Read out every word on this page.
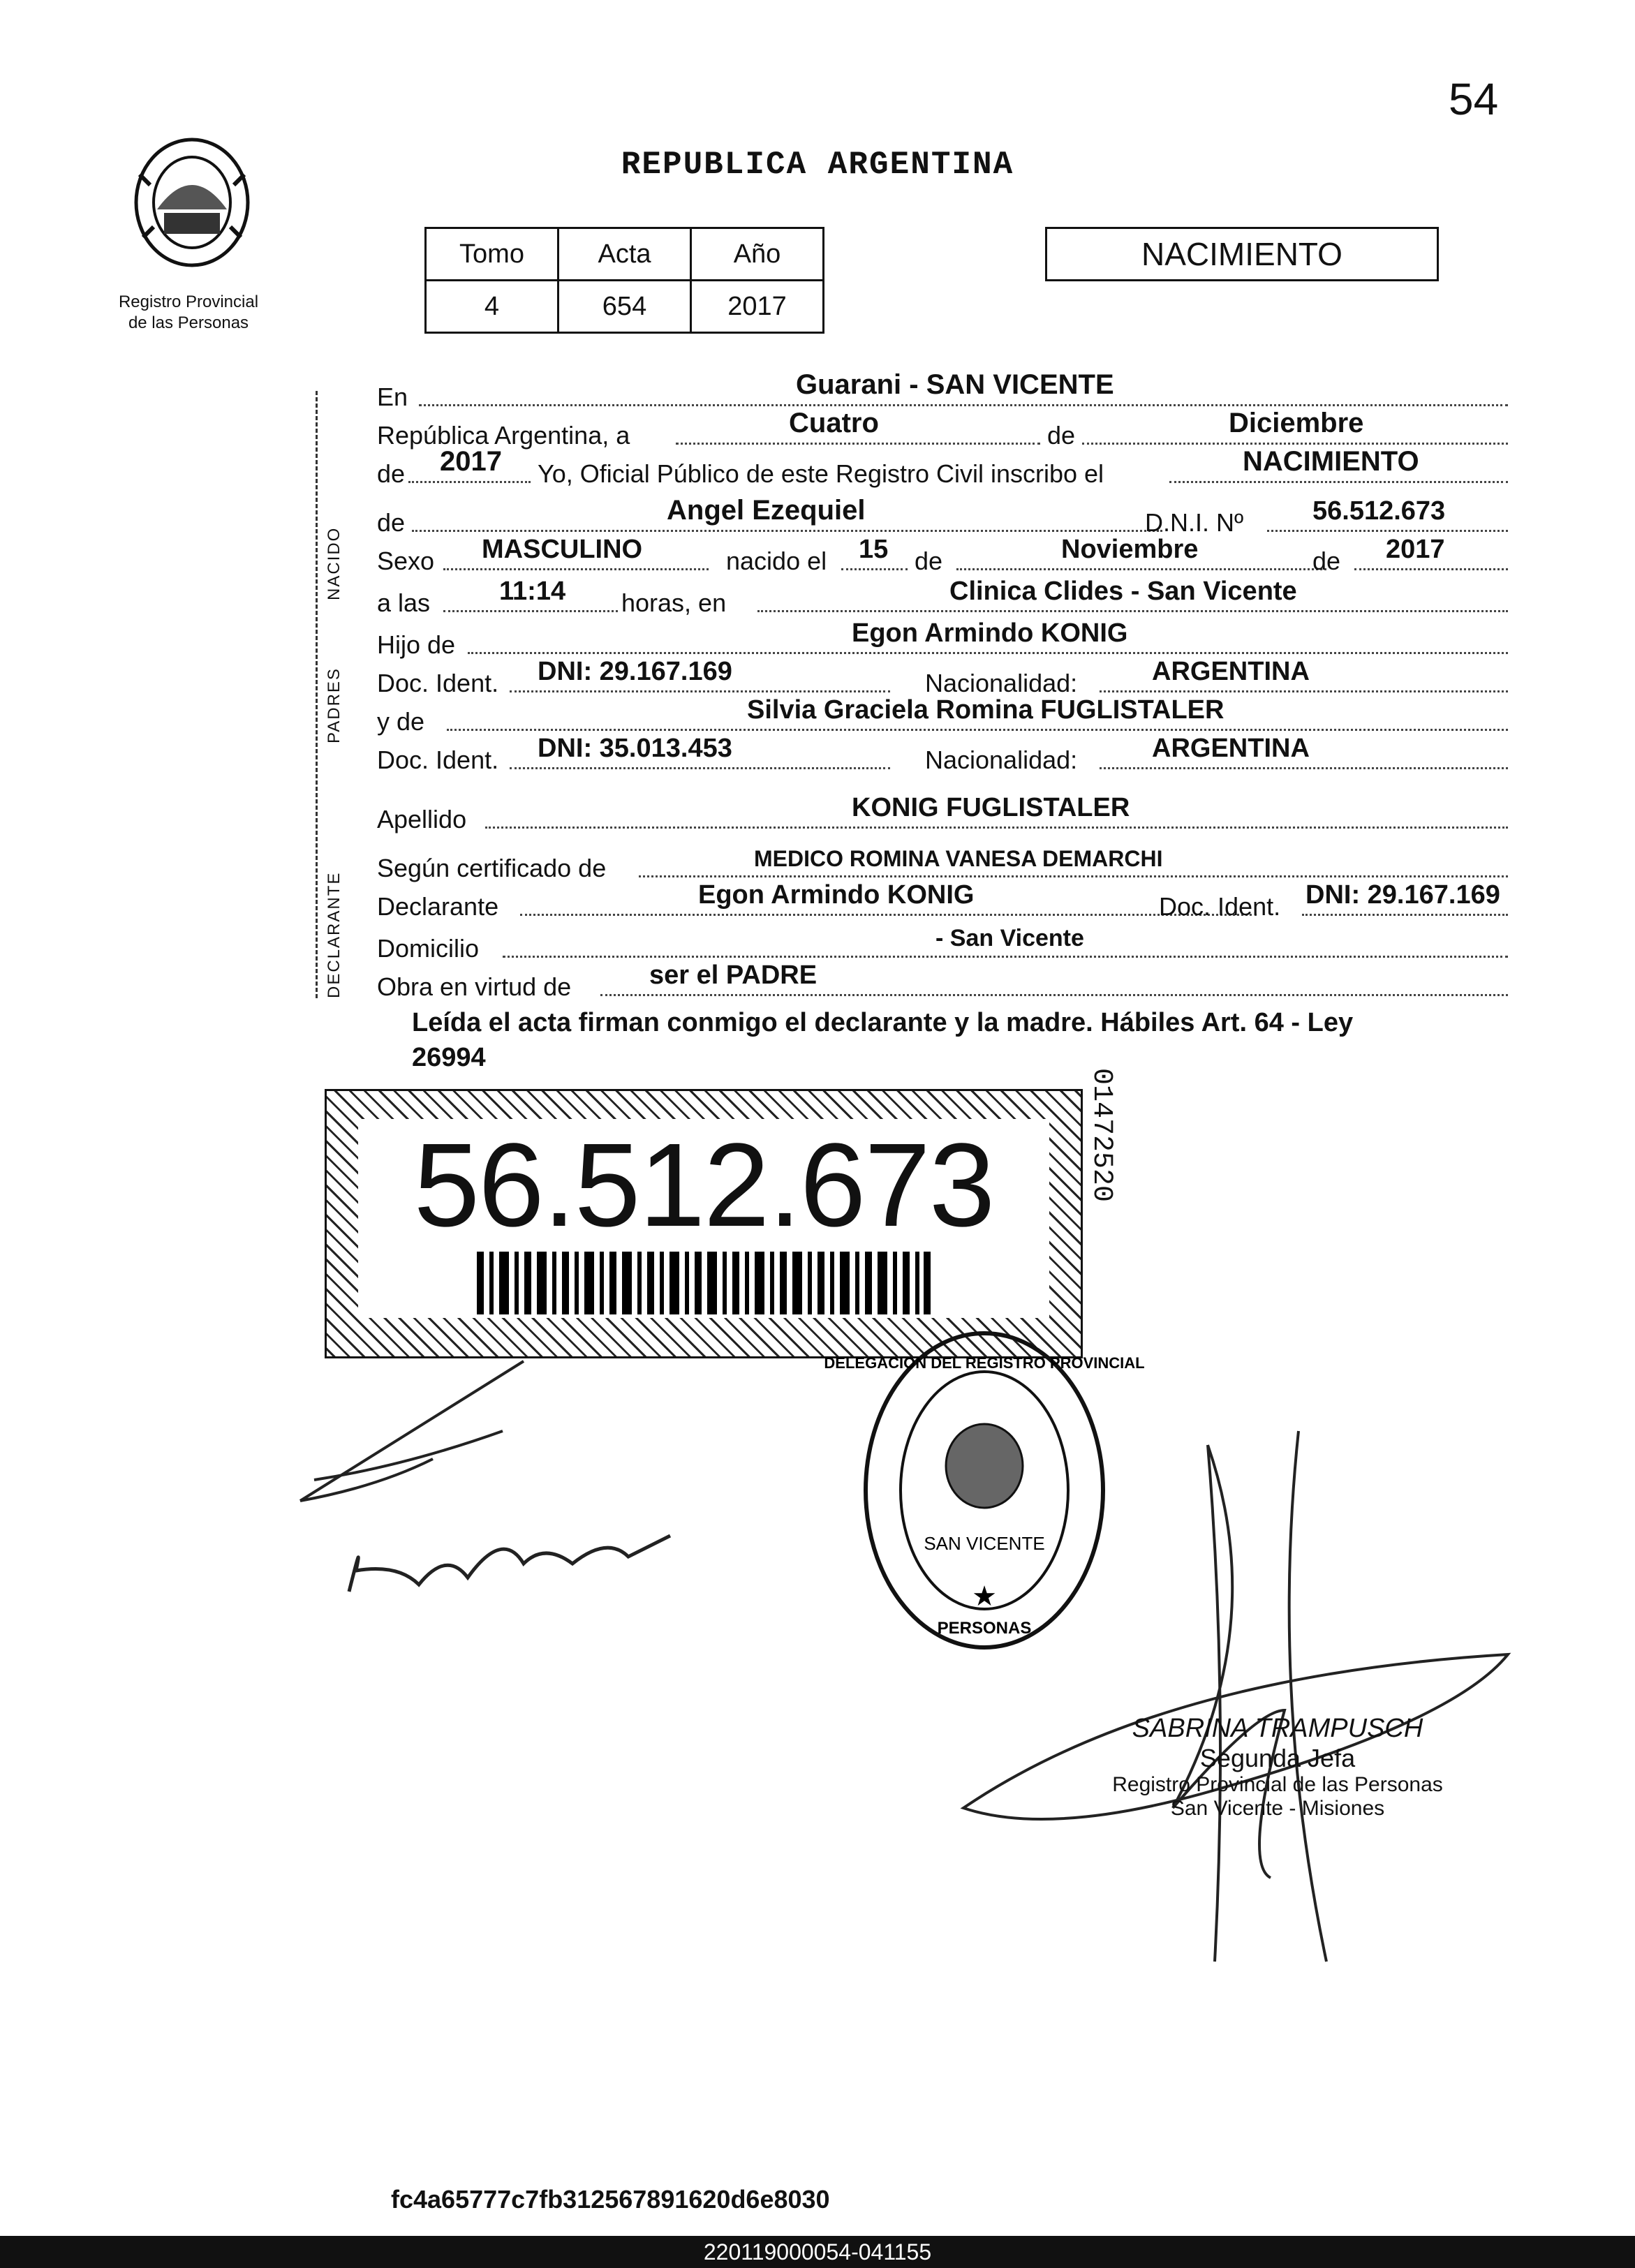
54
REPUBLICA ARGENTINA
Registro Provincial
de las Personas
Tomo	Acta	Año
4	654	2017
NACIMIENTO
NACIDO
PADRES
DECLARANTE
En	Guarani - SAN VICENTE
República Argentina, a	Cuatro	de	Diciembre
de 2017 Yo, Oficial Público de este Registro Civil inscribo el	NACIMIENTO
de	Angel Ezequiel	D.N.I. Nº	56.512.673
Sexo MASCULINO	nacido el 15 de	Noviembre	de 2017
a las	11:14 horas, en	Clinica Clides - San Vicente
Hijo de	Egon Armindo KONIG
Doc. Ident. DNI: 29.167.169	Nacionalidad:	ARGENTINA
y de	Silvia Graciela Romina FUGLISTALER
Doc. Ident. DNI: 35.013.453	Nacionalidad:	ARGENTINA
Apellido	KONIG FUGLISTALER
Según certificado de	MEDICO ROMINA VANESA DEMARCHI
Declarante	Egon Armindo KONIG	Doc. Ident. DNI: 29.167.169
Domicilio	- San Vicente
Obra en virtud de	ser el PADRE
Leída el acta firman conmigo el declarante y la madre. Hábiles Art. 64 - Ley
26994
56.512.673	01472520
DELEGACION DEL REGISTRO PROVINCIAL
SAN VICENTE
PERSONAS
★
SABRINA TRAMPUSCH
Segunda Jefa
Registro Provincial de las Personas
San Vicente - Misiones
fc4a65777c7fb312567891620d6e8030
220119000054-041155
